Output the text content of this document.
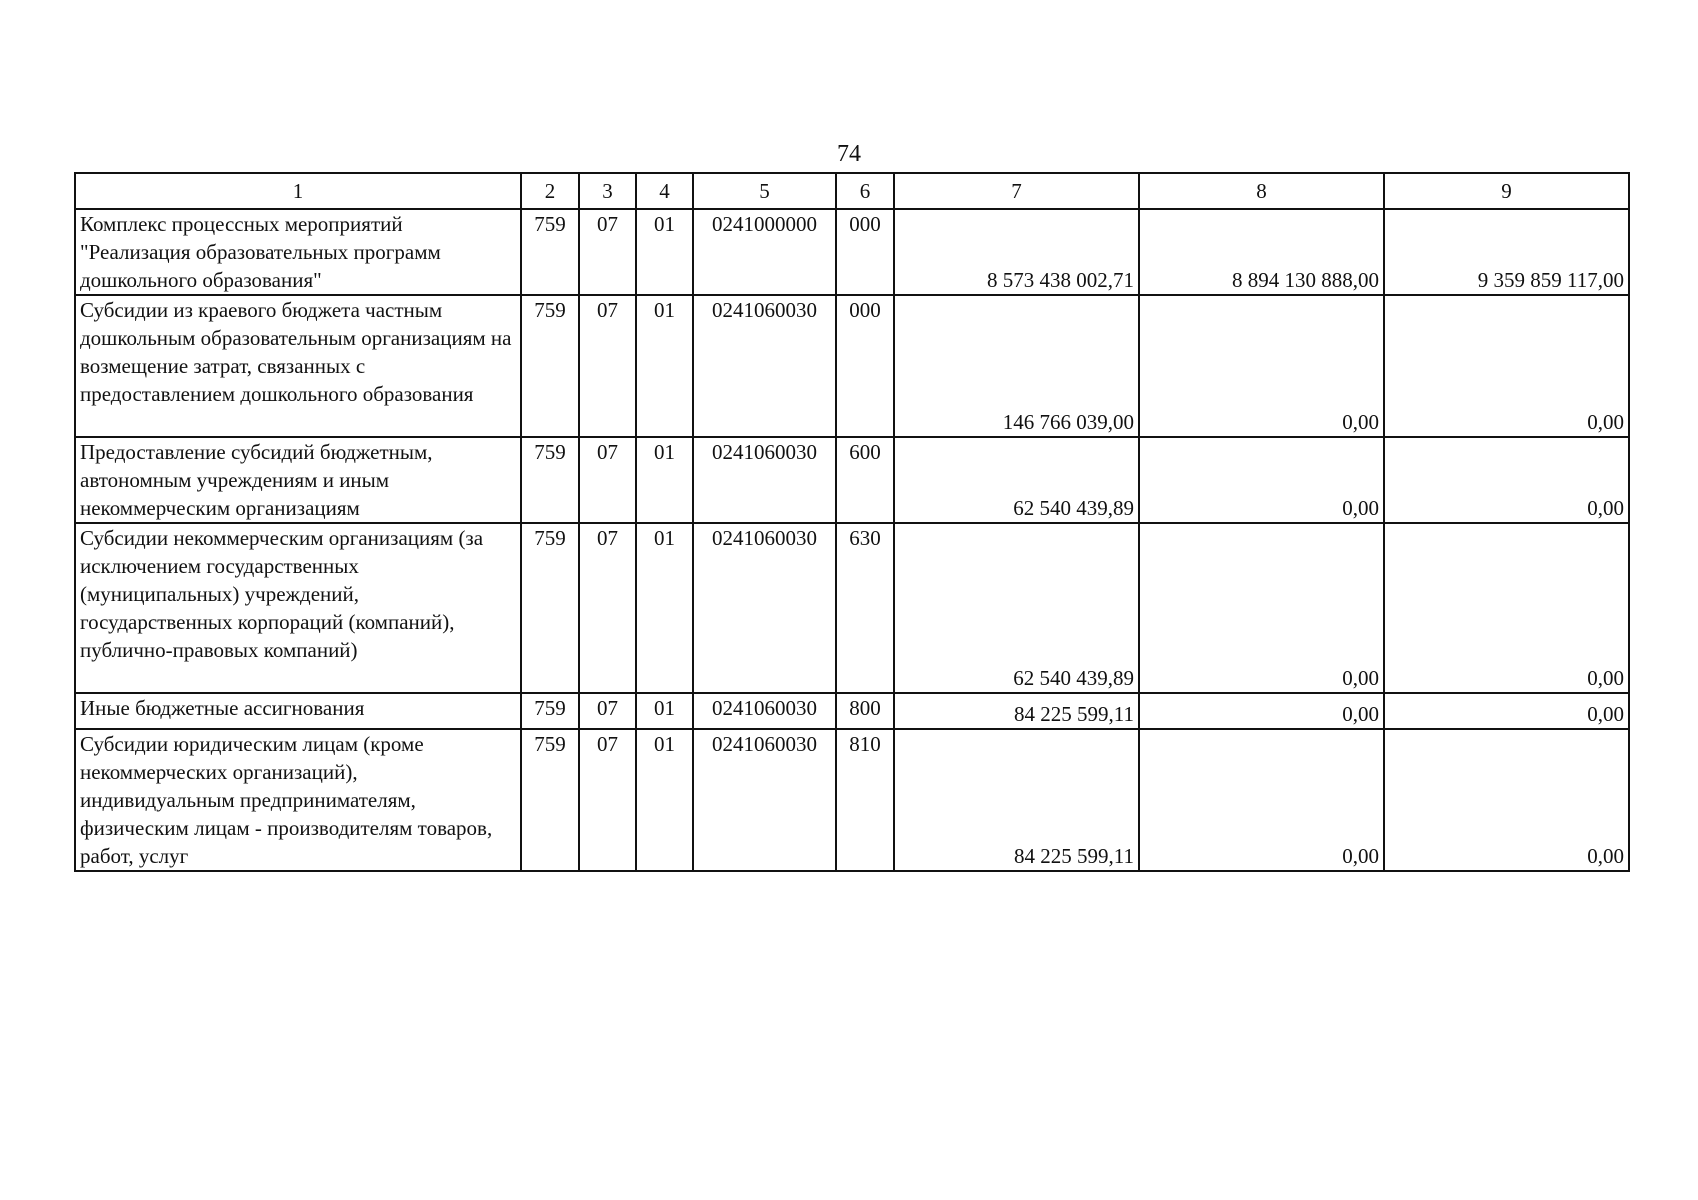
74
1	2	3	4	5	6	7	8	9
Комплекс процессных мероприятий "Реализация образовательных программ дошкольного образования"	759	07	01	0241000000	000	8 573 438 002,71	8 894 130 888,00	9 359 859 117,00
Субсидии из краевого бюджета частным дошкольным образовательным организациям на возмещение затрат, связанных с предоставлением дошкольного образования	759	07	01	0241060030	000	146 766 039,00	0,00	0,00
Предоставление субсидий бюджетным, автономным учреждениям и иным некоммерческим организациям	759	07	01	0241060030	600	62 540 439,89	0,00	0,00
Субсидии некоммерческим организациям (за исключением государственных (муниципальных) учреждений, государственных корпораций (компаний), публично-правовых компаний)	759	07	01	0241060030	630	62 540 439,89	0,00	0,00
Иные бюджетные ассигнования	759	07	01	0241060030	800	84 225 599,11	0,00	0,00
Субсидии юридическим лицам (кроме некоммерческих организаций), индивидуальным предпринимателям, физическим лицам - производителям товаров, работ, услуг	759	07	01	0241060030	810	84 225 599,11	0,00	0,00
